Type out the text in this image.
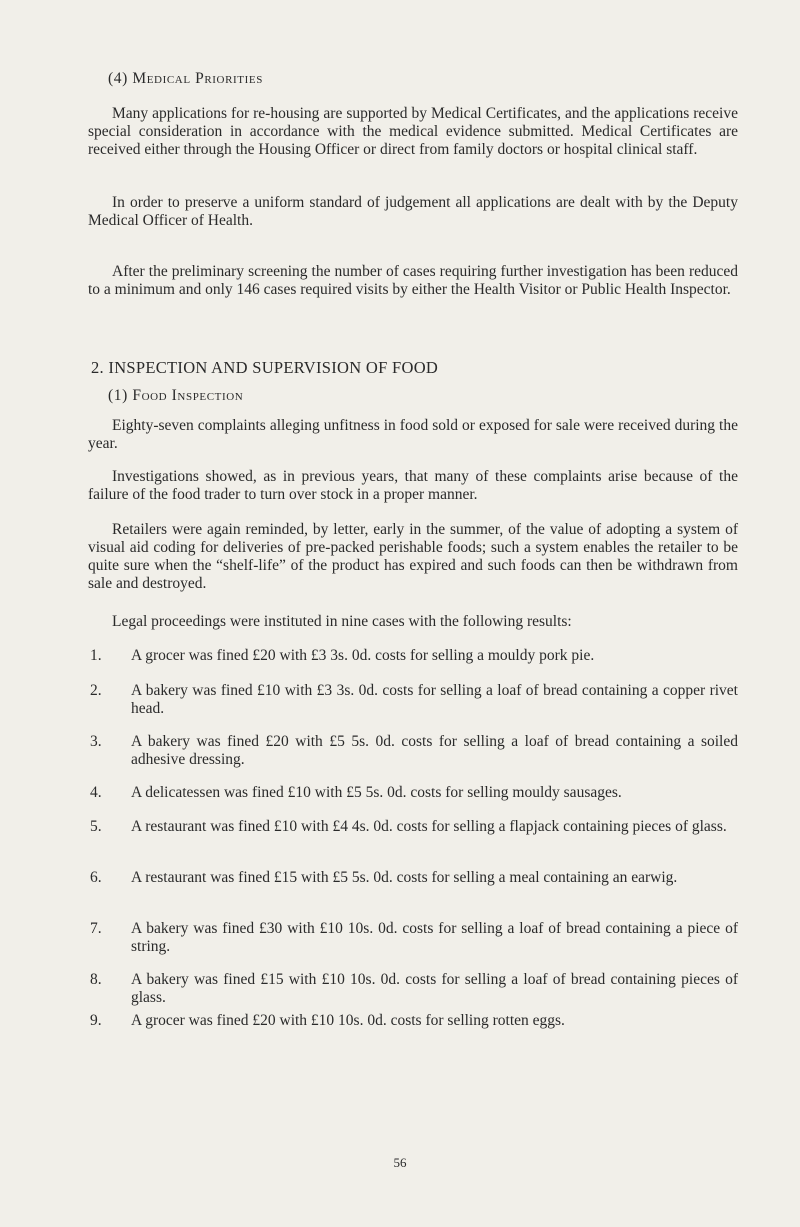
(4) Medical Priorities
Many applications for re-housing are supported by Medical Certificates, and the applications receive special consideration in accordance with the medical evidence submitted. Medical Certificates are received either through the Housing Officer or direct from family doctors or hospital clinical staff.
In order to preserve a uniform standard of judgement all applications are dealt with by the Deputy Medical Officer of Health.
After the preliminary screening the number of cases requiring further investigation has been reduced to a minimum and only 146 cases required visits by either the Health Visitor or Public Health Inspector.
2. INSPECTION AND SUPERVISION OF FOOD
(1) Food Inspection
Eighty-seven complaints alleging unfitness in food sold or exposed for sale were received during the year.
Investigations showed, as in previous years, that many of these complaints arise because of the failure of the food trader to turn over stock in a proper manner.
Retailers were again reminded, by letter, early in the summer, of the value of adopting a system of visual aid coding for deliveries of pre-packed perishable foods; such a system enables the retailer to be quite sure when the “shelf-life” of the product has expired and such foods can then be withdrawn from sale and destroyed.
Legal proceedings were instituted in nine cases with the following results:
1.	A grocer was fined £20 with £3 3s. 0d. costs for selling a mouldy pork pie.
2.	A bakery was fined £10 with £3 3s. 0d. costs for selling a loaf of bread containing a copper rivet head.
3.	A bakery was fined £20 with £5 5s. 0d. costs for selling a loaf of bread containing a soiled adhesive dressing.
4.	A delicatessen was fined £10 with £5 5s. 0d. costs for selling mouldy sausages.
5.	A restaurant was fined £10 with £4 4s. 0d. costs for selling a flapjack containing pieces of glass.
6.	A restaurant was fined £15 with £5 5s. 0d. costs for selling a meal containing an earwig.
7.	A bakery was fined £30 with £10 10s. 0d. costs for selling a loaf of bread containing a piece of string.
8.	A bakery was fined £15 with £10 10s. 0d. costs for selling a loaf of bread containing pieces of glass.
9.	A grocer was fined £20 with £10 10s. 0d. costs for selling rotten eggs.
56
